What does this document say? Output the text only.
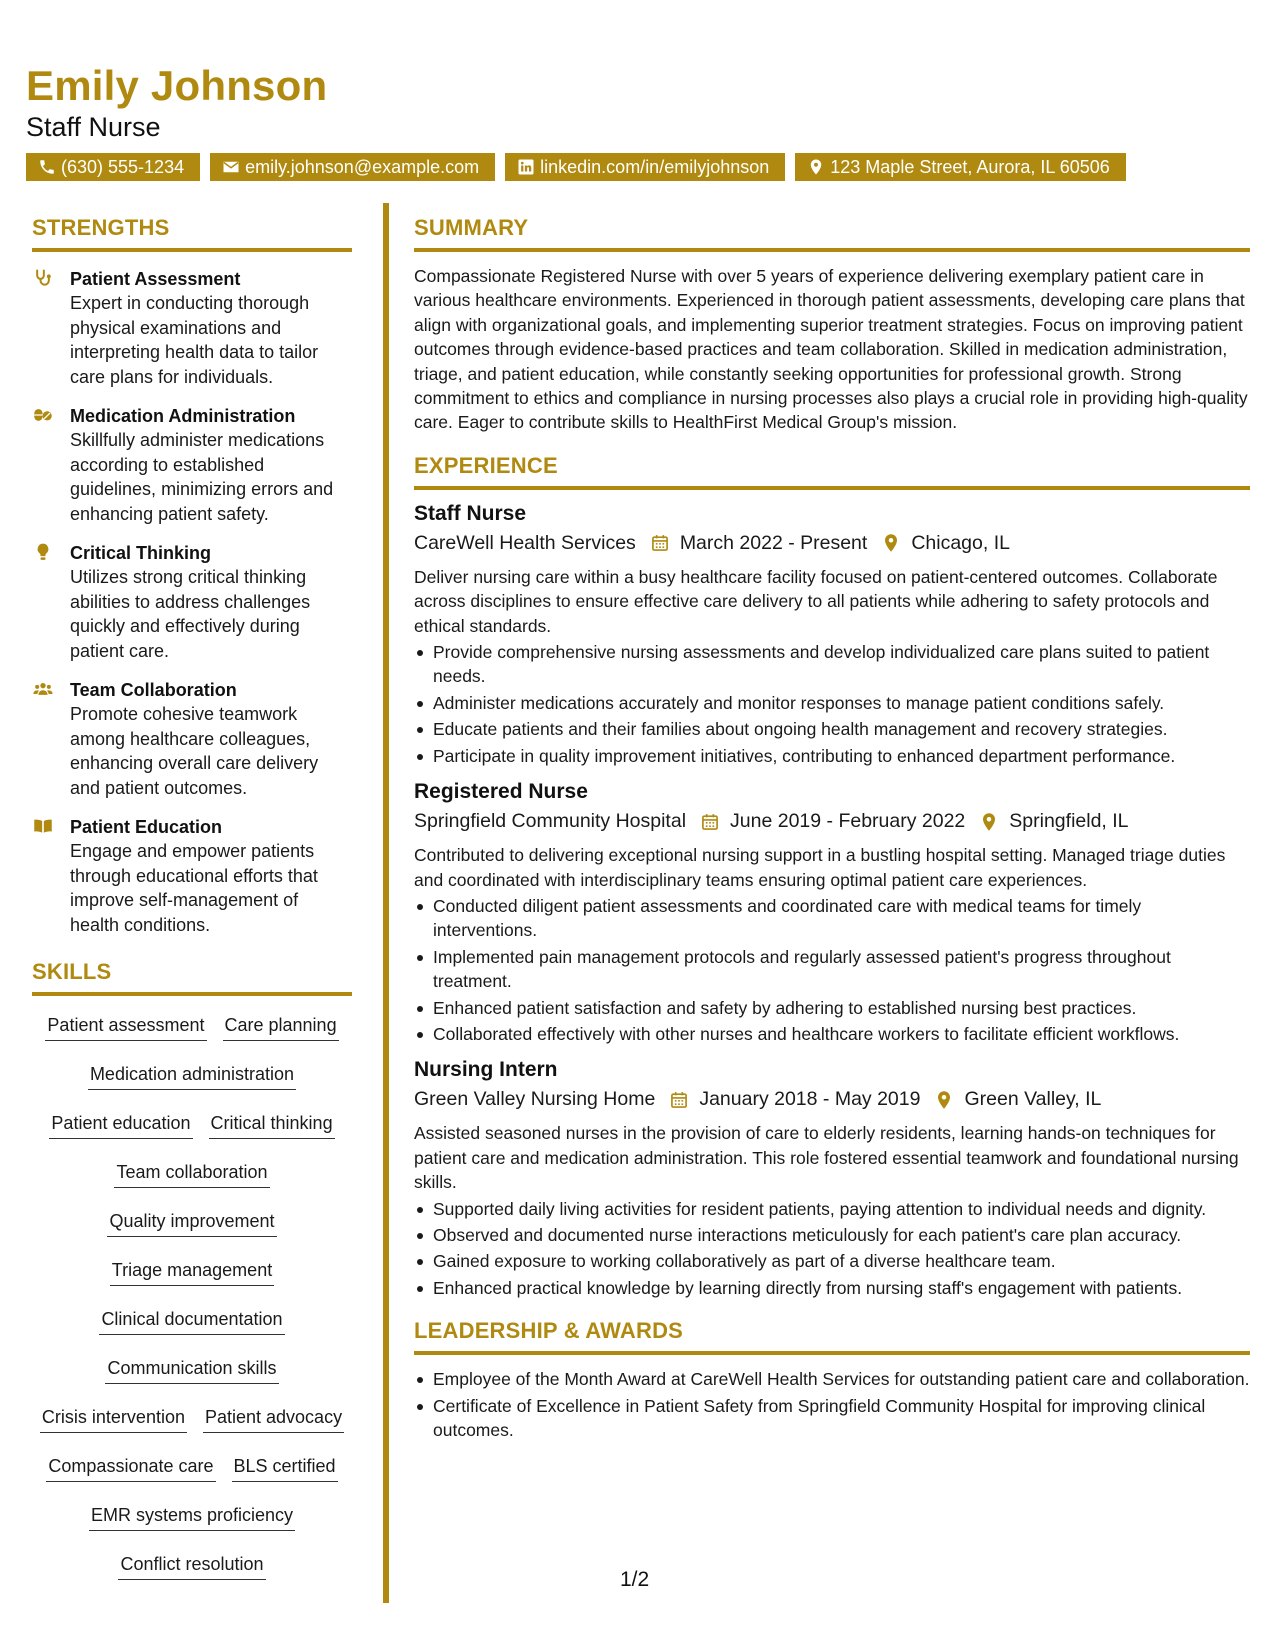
Emily Johnson
Staff Nurse
(630) 555-1234	emily.johnson@example.com	linkedin.com/in/emilyjohnson	123 Maple Street, Aurora, IL 60506
STRENGTHS
Patient Assessment
Expert in conducting thorough physical examinations and interpreting health data to tailor care plans for individuals.
Medication Administration
Skillfully administer medications according to established guidelines, minimizing errors and enhancing patient safety.
Critical Thinking
Utilizes strong critical thinking abilities to address challenges quickly and effectively during patient care.
Team Collaboration
Promote cohesive teamwork among healthcare colleagues, enhancing overall care delivery and patient outcomes.
Patient Education
Engage and empower patients through educational efforts that improve self-management of health conditions.
SKILLS
Patient assessment Care planning
Medication administration
Patient education Critical thinking
Team collaboration
Quality improvement
Triage management
Clinical documentation
Communication skills
Crisis intervention Patient advocacy
Compassionate care BLS certified
EMR systems proficiency
Conflict resolution
SUMMARY
Compassionate Registered Nurse with over 5 years of experience delivering exemplary patient care in various healthcare environments. Experienced in thorough patient assessments, developing care plans that align with organizational goals, and implementing superior treatment strategies. Focus on improving patient outcomes through evidence-based practices and team collaboration. Skilled in medication administration, triage, and patient education, while constantly seeking opportunities for professional growth. Strong commitment to ethics and compliance in nursing processes also plays a crucial role in providing high-quality care. Eager to contribute skills to HealthFirst Medical Group's mission.
EXPERIENCE
Staff Nurse
CareWell Health Services March 2022 - Present Chicago, IL
Deliver nursing care within a busy healthcare facility focused on patient-centered outcomes. Collaborate across disciplines to ensure effective care delivery to all patients while adhering to safety protocols and ethical standards.
Provide comprehensive nursing assessments and develop individualized care plans suited to patient needs.
Administer medications accurately and monitor responses to manage patient conditions safely.
Educate patients and their families about ongoing health management and recovery strategies.
Participate in quality improvement initiatives, contributing to enhanced department performance.
Registered Nurse
Springfield Community Hospital June 2019 - February 2022 Springfield, IL
Contributed to delivering exceptional nursing support in a bustling hospital setting. Managed triage duties and coordinated with interdisciplinary teams ensuring optimal patient care experiences.
Conducted diligent patient assessments and coordinated care with medical teams for timely interventions.
Implemented pain management protocols and regularly assessed patient's progress throughout treatment.
Enhanced patient satisfaction and safety by adhering to established nursing best practices.
Collaborated effectively with other nurses and healthcare workers to facilitate efficient workflows.
Nursing Intern
Green Valley Nursing Home January 2018 - May 2019 Green Valley, IL
Assisted seasoned nurses in the provision of care to elderly residents, learning hands-on techniques for patient care and medication administration. This role fostered essential teamwork and foundational nursing skills.
Supported daily living activities for resident patients, paying attention to individual needs and dignity.
Observed and documented nurse interactions meticulously for each patient's care plan accuracy.
Gained exposure to working collaboratively as part of a diverse healthcare team.
Enhanced practical knowledge by learning directly from nursing staff's engagement with patients.
LEADERSHIP & AWARDS
Employee of the Month Award at CareWell Health Services for outstanding patient care and collaboration.
Certificate of Excellence in Patient Safety from Springfield Community Hospital for improving clinical outcomes.
1/2
